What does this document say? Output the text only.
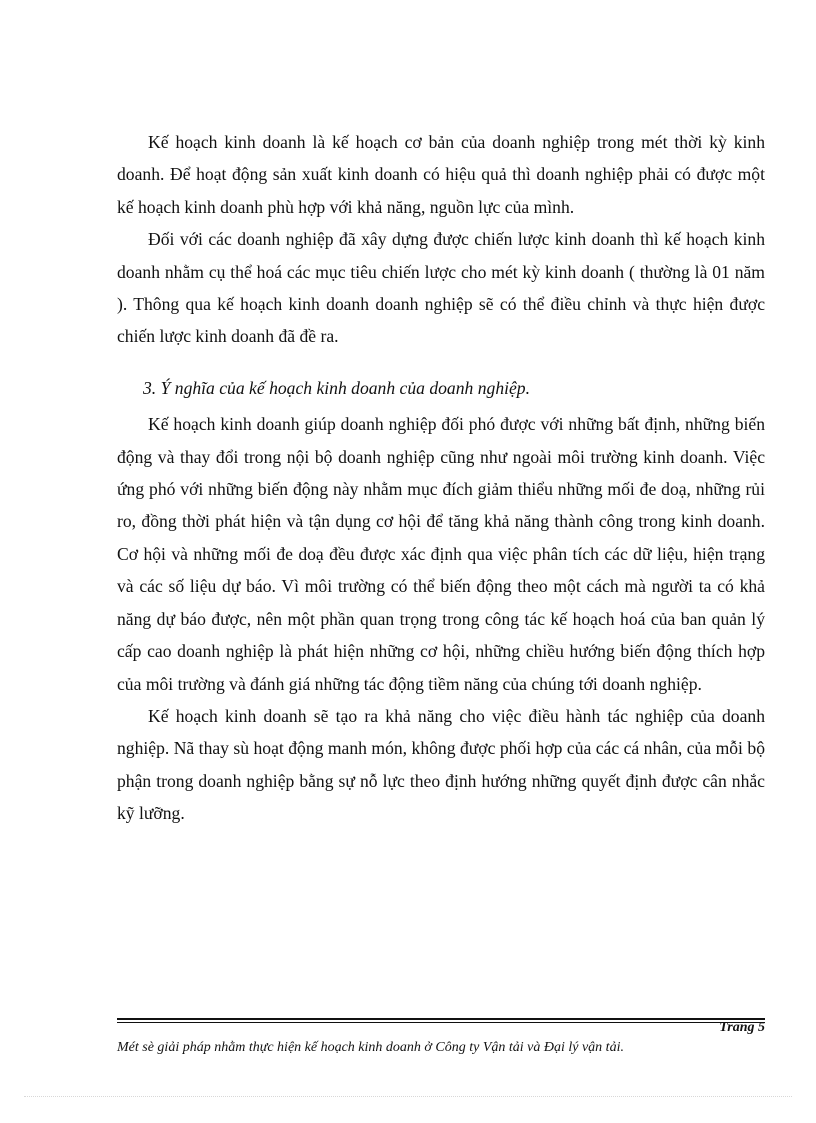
Kế hoạch kinh doanh là kế hoạch cơ bản của doanh nghiệp trong mét thời kỳ kinh doanh. Để hoạt động sản xuất kinh doanh có hiệu quả thì doanh nghiệp phải có được một kế hoạch kinh doanh phù hợp với khả năng, nguồn lực của mình.

Đối với các doanh nghiệp đã xây dựng được chiến lược kinh doanh thì kế hoạch kinh doanh nhằm cụ thể hoá các mục tiêu chiến lược cho mét kỳ kinh doanh ( thường là 01 năm ). Thông qua kế hoạch kinh doanh doanh nghiệp sẽ có thể điều chỉnh và thực hiện được chiến lược kinh doanh đã đề ra.

3. Ý nghĩa của kế hoạch kinh doanh của doanh nghiệp.

Kế hoạch kinh doanh giúp doanh nghiệp đối phó được với những bất định, những biến động và thay đổi trong nội bộ doanh nghiệp cũng như ngoài môi trường kinh doanh. Việc ứng phó với những biến động này nhằm mục đích giảm thiểu những mối đe doạ, những rủi ro, đồng thời phát hiện và tận dụng cơ hội để tăng khả năng thành công trong kinh doanh. Cơ hội và những mối đe doạ đều được xác định qua việc phân tích các dữ liệu, hiện trạng và các số liệu dự báo. Vì môi trường có thể biến động theo một cách mà người ta có khả năng dự báo được, nên một phần quan trọng trong công tác kế hoạch hoá của ban quản lý cấp cao doanh nghiệp là phát hiện những cơ hội, những chiều hướng biến động thích hợp của môi trường và đánh giá những tác động tiềm năng của chúng tới doanh nghiệp.

Kế hoạch kinh doanh sẽ tạo ra khả năng cho việc điều hành tác nghiệp của doanh nghiệp. Nã thay sù hoạt động manh món, không được phối hợp của các cá nhân, của mỗi bộ phận trong doanh nghiệp bằng sự nỗ lực theo định hướng những quyết định được cân nhắc kỹ lưỡng.

Trang 5
Mét sè giải pháp nhằm thực hiện kế hoạch kinh doanh ở Công ty Vận tải và Đại lý vận tải.
